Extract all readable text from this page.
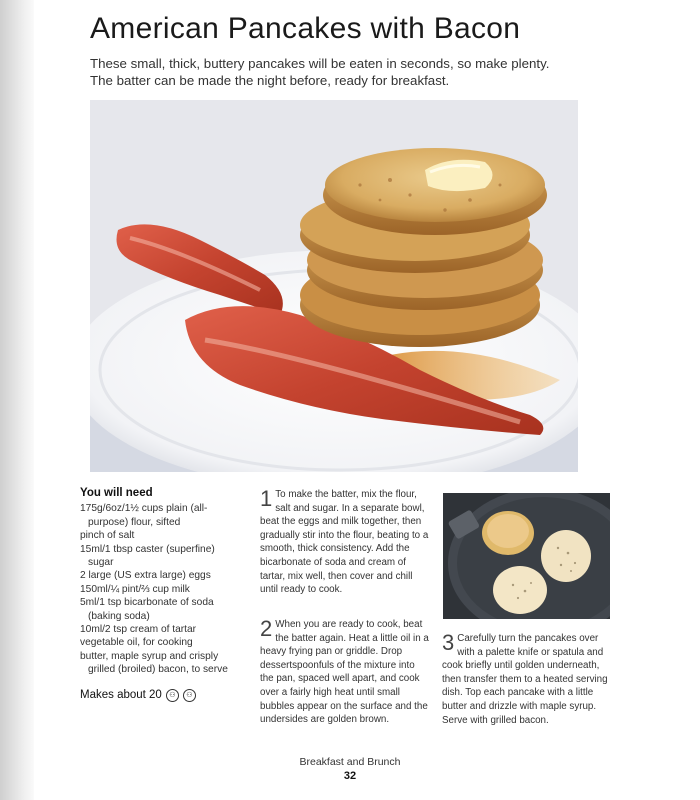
American Pancakes with Bacon
These small, thick, buttery pancakes will be eaten in seconds, so make plenty. The batter can be made the night before, ready for breakfast.
You will need
175g/6oz/1½ cups plain (all-purpose) flour, sifted
pinch of salt
15ml/1 tbsp caster (superfine) sugar
2 large (US extra large) eggs
150ml/¼ pint/⅔ cup milk
5ml/1 tsp bicarbonate of soda (baking soda)
10ml/2 tsp cream of tartar
vegetable oil, for cooking
butter, maple syrup and crisply grilled (broiled) bacon, to serve
Makes about 20	⚇	⚇
1 To make the batter, mix the flour, salt and sugar. In a separate bowl, beat the eggs and milk together, then gradually stir into the flour, beating to a smooth, thick consistency. Add the bicarbonate of soda and cream of tartar, mix well, then cover and chill until ready to cook.
2 When you are ready to cook, beat the batter again. Heat a little oil in a heavy frying pan or griddle. Drop dessertspoonfuls of the mixture into the pan, spaced well apart, and cook over a fairly high heat until small bubbles appear on the surface and the undersides are golden brown.
3 Carefully turn the pancakes over with a palette knife or spatula and cook briefly until golden underneath, then transfer them to a heated serving dish. Top each pancake with a little butter and drizzle with maple syrup. Serve with grilled bacon.
Breakfast and Brunch
32
